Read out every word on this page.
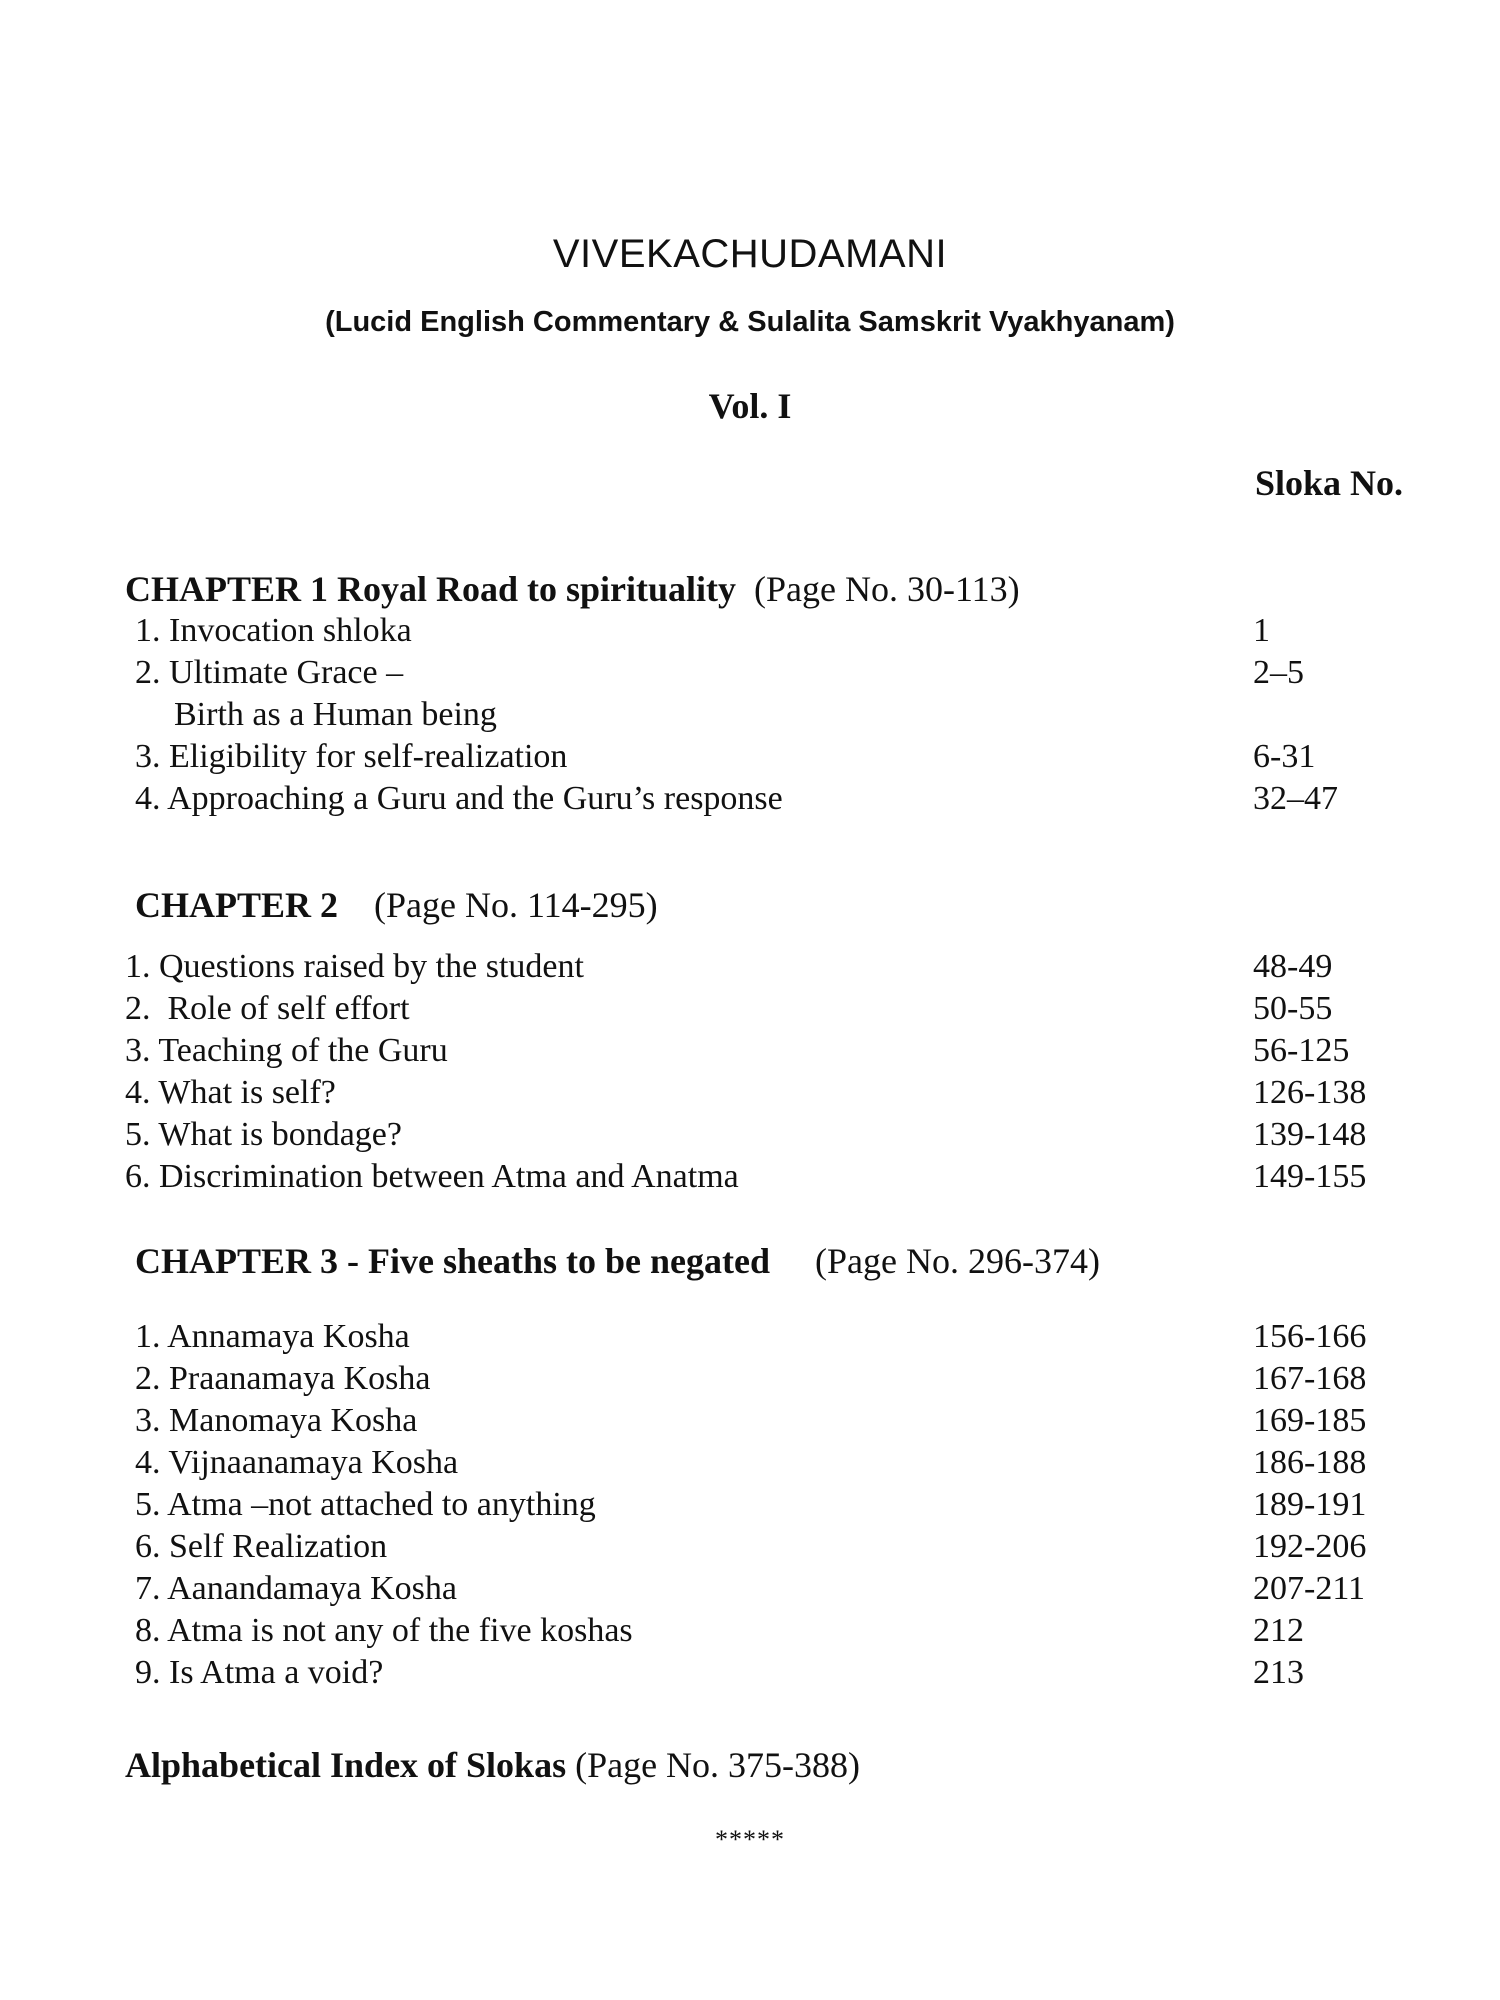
VIVEKACHUDAMANI
(Lucid English Commentary & Sulalita Samskrit Vyakhyanam)
Vol. I
Sloka No.
CHAPTER 1 Royal Road to spirituality (Page No. 30-113)
1. Invocation shloka	1
2. Ultimate Grace –	2–5
Birth as a Human being
3. Eligibility for self-realization	6-31
4. Approaching a Guru and the Guru’s response	32–47
CHAPTER 2 (Page No. 114-295)
1. Questions raised by the student	48-49
2.  Role of self effort	50-55
3. Teaching of the Guru	56-125
4. What is self?	126-138
5. What is bondage?	139-148
6. Discrimination between Atma and Anatma	149-155
CHAPTER 3 - Five sheaths to be negated (Page No. 296-374)
1. Annamaya Kosha	156-166
2. Praanamaya Kosha	167-168
3. Manomaya Kosha	169-185
4. Vijnaanamaya Kosha	186-188
5. Atma –not attached to anything	189-191
6. Self Realization	192-206
7. Aanandamaya Kosha	207-211
8. Atma is not any of the five koshas	212
9. Is Atma a void?	213
Alphabetical Index of Slokas (Page No. 375-388)
*****
